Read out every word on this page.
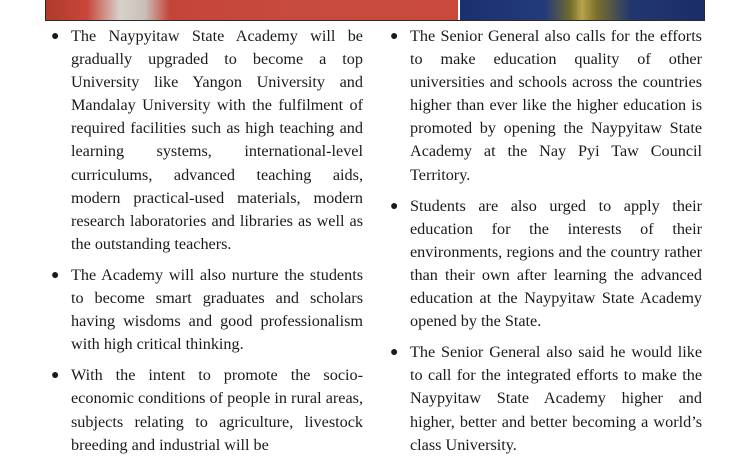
● The Naypyitaw State Academy will be gradually upgraded to become a top University like Yangon University and Mandalay University with the fulfilment of required facilities such as high teaching and learning systems, international-level curriculums, advanced teaching aids, modern practical-used materials, modern research laboratories and libraries as well as the outstanding teachers.

● The Academy will also nurture the students to become smart graduates and scholars having wisdoms and good professionalism with high critical thinking.

● With the intent to promote the socio-economic conditions of people in rural areas, subjects relating to agriculture, livestock breeding and industrial will be

● The Senior General also calls for the efforts to make education quality of other universities and schools across the countries higher than ever like the higher education is promoted by opening the Naypyitaw State Academy at the Nay Pyi Taw Council Territory.

● Students are also urged to apply their education for the interests of their environments, regions and the country rather than their own after learning the advanced education at the Naypyitaw State Academy opened by the State.

● The Senior General also said he would like to call for the integrated efforts to make the Naypyitaw State Academy higher and higher, better and better becoming a world’s class University.
